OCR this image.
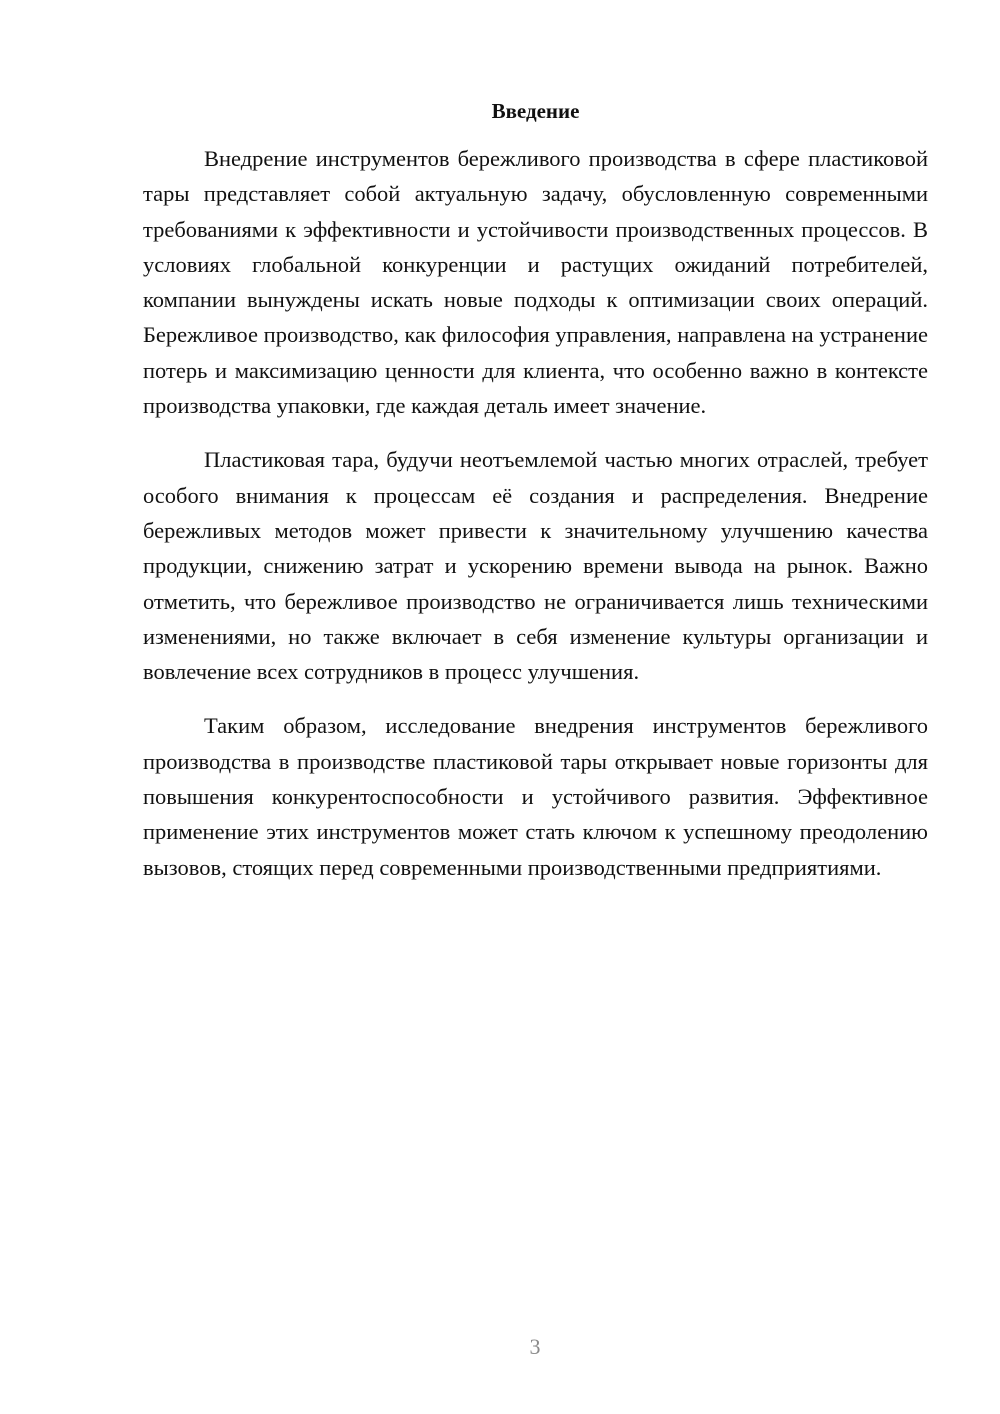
Введение

Внедрение инструментов бережливого производства в сфере пластиковой тары представляет собой актуальную задачу, обусловленную современными требованиями к эффективности и устойчивости производственных процессов. В условиях глобальной конкуренции и растущих ожиданий потребителей, компании вынуждены искать новые подходы к оптимизации своих операций. Бережливое производство, как философия управления, направлена на устранение потерь и максимизацию ценности для клиента, что особенно важно в контексте производства упаковки, где каждая деталь имеет значение.

Пластиковая тара, будучи неотъемлемой частью многих отраслей, требует особого внимания к процессам её создания и распределения. Внедрение бережливых методов может привести к значительному улучшению качества продукции, снижению затрат и ускорению времени вывода на рынок. Важно отметить, что бережливое производство не ограничивается лишь техническими изменениями, но также включает в себя изменение культуры организации и вовлечение всех сотрудников в процесс улучшения.

Таким образом, исследование внедрения инструментов бережливого производства в производстве пластиковой тары открывает новые горизонты для повышения конкурентоспособности и устойчивого развития. Эффективное применение этих инструментов может стать ключом к успешному преодолению вызовов, стоящих перед современными производственными предприятиями.

3
